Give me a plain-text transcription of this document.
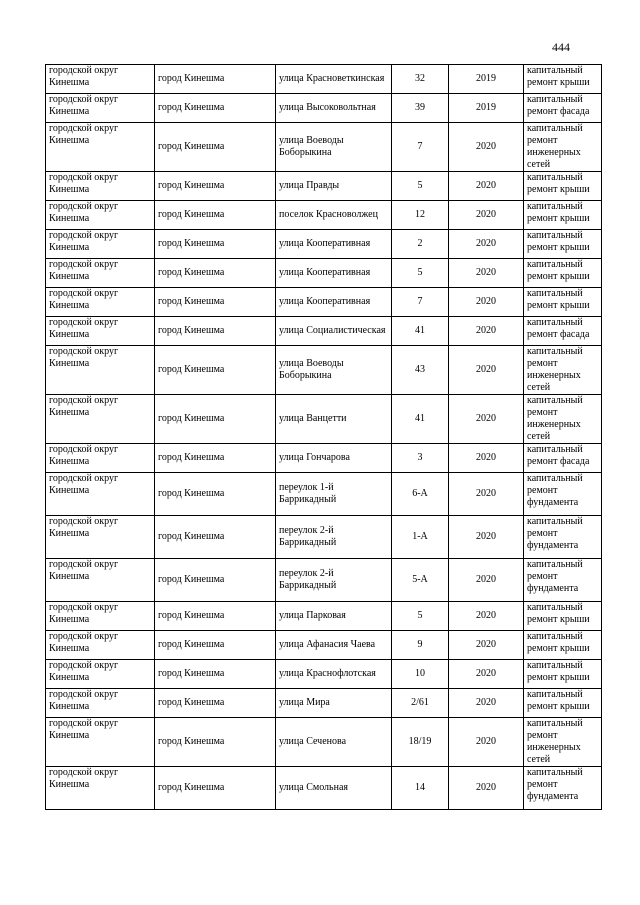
444
городской округ Кинешма	город Кинешма	улица Красноветкинская	32	2019	капитальный ремонт крыши
городской округ Кинешма	город Кинешма	улица Высоковольтная	39	2019	капитальный ремонт фасада
городской округ Кинешма	город Кинешма	улица Воеводы Боборыкина	7	2020	капитальный ремонт инженерных сетей
городской округ Кинешма	город Кинешма	улица Правды	5	2020	капитальный ремонт крыши
городской округ Кинешма	город Кинешма	поселок Красноволжец	12	2020	капитальный ремонт крыши
городской округ Кинешма	город Кинешма	улица Кооперативная	2	2020	капитальный ремонт крыши
городской округ Кинешма	город Кинешма	улица Кооперативная	5	2020	капитальный ремонт крыши
городской округ Кинешма	город Кинешма	улица Кооперативная	7	2020	капитальный ремонт крыши
городской округ Кинешма	город Кинешма	улица Социалистическая	41	2020	капитальный ремонт фасада
городской округ Кинешма	город Кинешма	улица Воеводы Боборыкина	43	2020	капитальный ремонт инженерных сетей
городской округ Кинешма	город Кинешма	улица Ванцетти	41	2020	капитальный ремонт инженерных сетей
городской округ Кинешма	город Кинешма	улица Гончарова	3	2020	капитальный ремонт фасада
городской округ Кинешма	город Кинешма	переулок 1-й Баррикадный	6-А	2020	капитальный ремонт фундамента
городской округ Кинешма	город Кинешма	переулок 2-й Баррикадный	1-А	2020	капитальный ремонт фундамента
городской округ Кинешма	город Кинешма	переулок 2-й Баррикадный	5-А	2020	капитальный ремонт фундамента
городской округ Кинешма	город Кинешма	улица Парковая	5	2020	капитальный ремонт крыши
городской округ Кинешма	город Кинешма	улица Афанасия Чаева	9	2020	капитальный ремонт крыши
городской округ Кинешма	город Кинешма	улица Краснофлотская	10	2020	капитальный ремонт крыши
городской округ Кинешма	город Кинешма	улица Мира	2/61	2020	капитальный ремонт крыши
городской округ Кинешма	город Кинешма	улица Сеченова	18/19	2020	капитальный ремонт инженерных сетей
городской округ Кинешма	город Кинешма	улица Смольная	14	2020	капитальный ремонт фундамента
